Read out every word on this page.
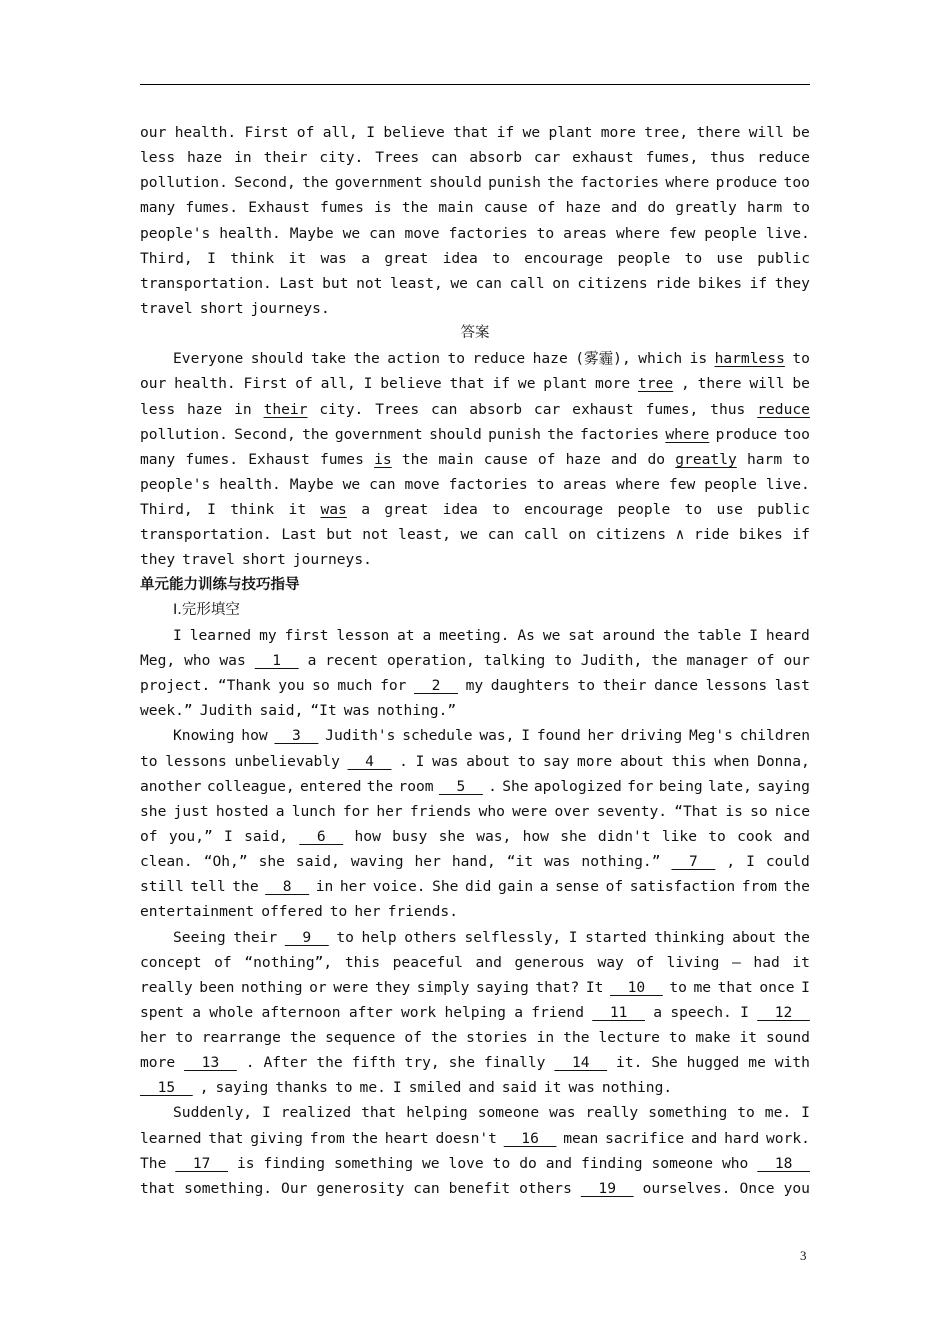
our health. First of all, I believe that if we plant more tree, there will be
less haze in their city. Trees can absorb car exhaust fumes, thus reduce
pollution. Second, the government should punish the factories where produce too
many fumes. Exhaust fumes is the main cause of haze and do greatly harm to
people's health. Maybe we can move factories to areas where few people live.
Third, I think it was a great idea to encourage people to use public
transportation. Last but not least, we can call on citizens ride bikes if they
travel short journeys.
答案
Everyone should take the action to reduce haze (雾霾), which is harmless to
our health. First of all, I believe that if we plant more tree , there will be
less haze in their city. Trees can absorb car exhaust fumes, thus reduce
pollution. Second, the government should punish the factories where produce too
many fumes. Exhaust fumes is the main cause of haze and do greatly harm to
people's health. Maybe we can move factories to areas where few people live.
Third, I think it was a great idea to encourage people to use public
transportation. Last but not least, we can call on citizens ∧ ride bikes if
they travel short journeys.
单元能力训练与技巧指导
Ⅰ.完形填空
I learned my first lesson at a meeting. As we sat around the table I heard
Meg, who was 1 a recent operation, talking to Judith, the manager of our
project. “Thank you so much for 2 my daughters to their dance lessons last
week.” Judith said, “It was nothing.”
Knowing how 3 Judith's schedule was, I found her driving Meg's children
to lessons unbelievably 4 . I was about to say more about this when Donna,
another colleague, entered the room 5 . She apologized for being late, saying
she just hosted a lunch for her friends who were over seventy. “That is so nice
of you,” I said, 6 how busy she was, how she didn't like to cook and
clean. “Oh,” she said, waving her hand, “it was nothing.” 7 , I could
still tell the 8 in her voice. She did gain a sense of satisfaction from the
entertainment offered to her friends.
Seeing their 9 to help others selflessly, I started thinking about the
concept of “nothing”, this peaceful and generous way of living — had it
really been nothing or were they simply saying that? It 10 to me that once I
spent a whole afternoon after work helping a friend 11 a speech. I 12
her to rearrange the sequence of the stories in the lecture to make it sound
more 13 . After the fifth try, she finally 14 it. She hugged me with
15 , saying thanks to me. I smiled and said it was nothing.
Suddenly, I realized that helping someone was really something to me. I
learned that giving from the heart doesn't 16 mean sacrifice and hard work.
The 17 is finding something we love to do and finding someone who 18
that something. Our generosity can benefit others 19 ourselves. Once you
3
